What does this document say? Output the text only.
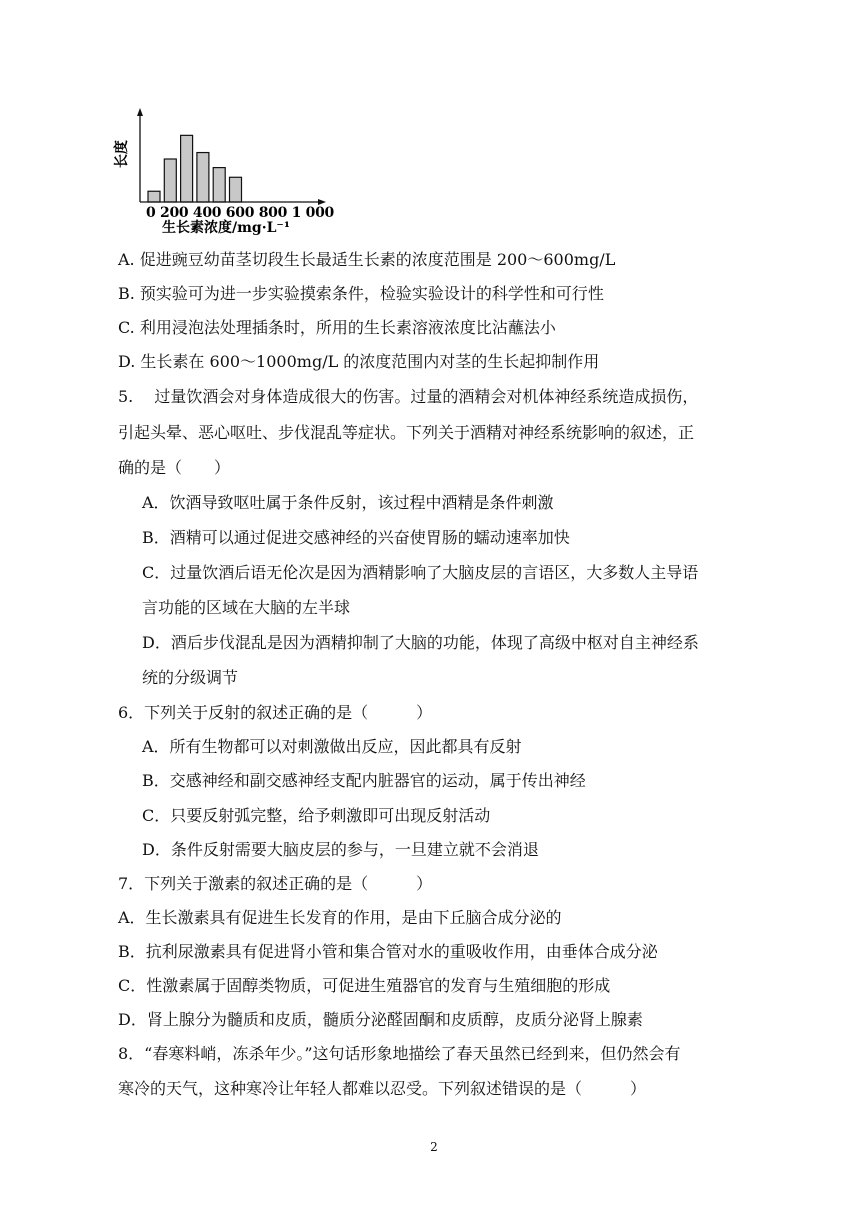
长度
0 200 400 600 800 1 000
生长素浓度/mg·L⁻¹
A. 促进豌豆幼苗茎切段生长最适生长素的浓度范围是 200～600mg/L
B. 预实验可为进一步实验摸索条件，检验实验设计的科学性和可行性
C. 利用浸泡法处理插条时，所用的生长素溶液浓度比沾蘸法小
D. 生长素在 600～1000mg/L 的浓度范围内对茎的生长起抑制作用
5.　 过量饮酒会对身体造成很大的伤害。过量的酒精会对机体神经系统造成损伤，
引起头晕、恶心呕吐、步伐混乱等症状。下列关于酒精对神经系统影响的叙述，正
确的是（　　）
A．饮酒导致呕吐属于条件反射，该过程中酒精是条件刺激
B．酒精可以通过促进交感神经的兴奋使胃肠的蠕动速率加快
C．过量饮酒后语无伦次是因为酒精影响了大脑皮层的言语区，大多数人主导语
言功能的区域在大脑的左半球
D．酒后步伐混乱是因为酒精抑制了大脑的功能，体现了高级中枢对自主神经系
统的分级调节
6．下列关于反射的叙述正确的是（　　　）
A．所有生物都可以对刺激做出反应，因此都具有反射
B．交感神经和副交感神经支配内脏器官的运动，属于传出神经
C．只要反射弧完整，给予刺激即可出现反射活动
D．条件反射需要大脑皮层的参与，一旦建立就不会消退
7．下列关于激素的叙述正确的是（　　　）
A．生长激素具有促进生长发育的作用，是由下丘脑合成分泌的
B．抗利尿激素具有促进肾小管和集合管对水的重吸收作用，由垂体合成分泌
C．性激素属于固醇类物质，可促进生殖器官的发育与生殖细胞的形成
D．肾上腺分为髓质和皮质，髓质分泌醛固酮和皮质醇，皮质分泌肾上腺素
8．“春寒料峭，冻杀年少。”这句话形象地描绘了春天虽然已经到来，但仍然会有
寒冷的天气，这种寒冷让年轻人都难以忍受。下列叙述错误的是（　　　）
2
